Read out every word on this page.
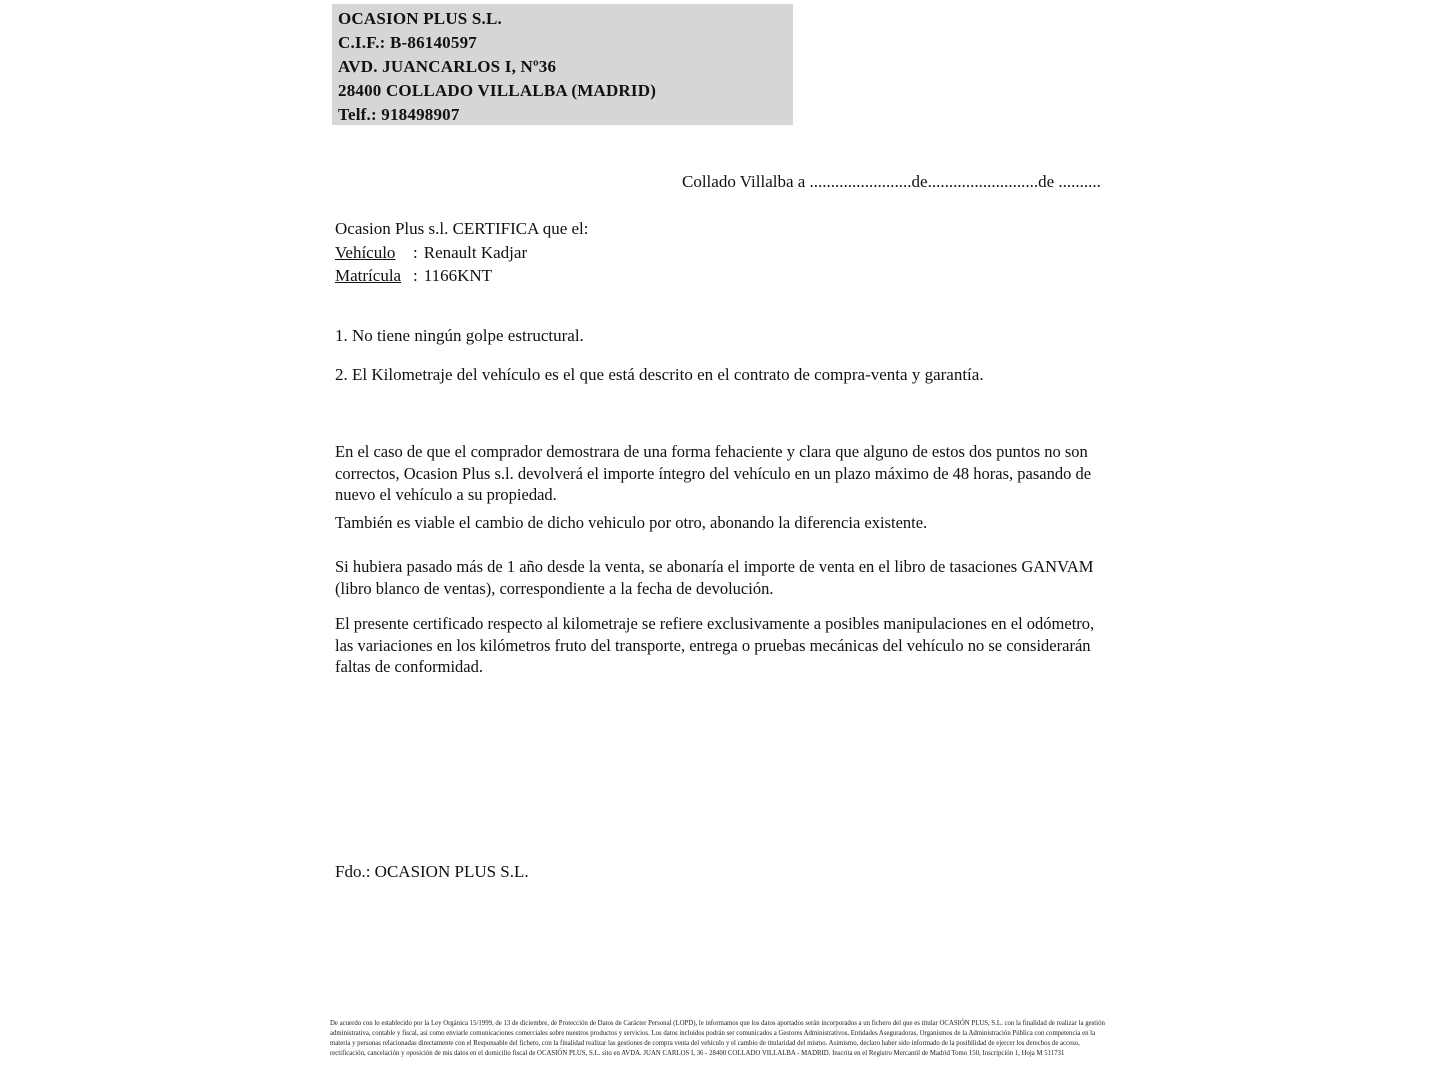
OCASION PLUS S.L.
C.I.F.: B-86140597
AVD. JUANCARLOS I, Nº36
28400 COLLADO VILLALBA (MADRID)
Telf.: 918498907
Collado Villalba a ........................de..........................de ..........
Ocasion Plus s.l. CERTIFICA que el:
Vehículo : Renault Kadjar
Matrícula : 1166KNT
1. No tiene ningún golpe estructural.
2. El Kilometraje del vehículo es el que está descrito en el contrato de compra-venta y garantía.
En el caso de que el comprador demostrara de una forma fehaciente y clara que alguno de estos dos puntos no son correctos, Ocasion Plus s.l. devolverá el importe íntegro del vehículo en un plazo máximo de 48 horas, pasando de nuevo el vehículo a su propiedad.
También es viable el cambio de dicho vehiculo por otro, abonando la diferencia existente.
Si hubiera pasado más de 1 año desde la venta, se abonaría el importe de venta en el libro de tasaciones GANVAM (libro blanco de ventas), correspondiente a la fecha de devolución.
El presente certificado respecto al kilometraje se refiere exclusivamente a posibles manipulaciones en el odómetro, las variaciones en los kilómetros fruto del transporte, entrega o pruebas mecánicas del vehículo no se considerarán faltas de conformidad.
Fdo.: OCASION PLUS S.L.
De acuerdo con lo establecido por la Ley Orgánica 15/1999, de 13 de diciembre, de Protección de Datos de Carácter Personal (LOPD), le informamos que los datos aportados serán incorporados a un fichero del que es titular OCASIÓN PLUS, S.L. con la finalidad de realizar la gestión administrativa, contable y fiscal, así como enviarle comunicaciones comerciales sobre nuestros productos y servicios. Los datos incluidos podrán ser comunicados a Gestores Administrativos, Entidades Aseguradoras, Organismos de la Administración Pública con competencia en la materia y personas relacionadas directamente con el Responsable del fichero, con la finalidad realizar las gestiones de compra venta del vehículo y el cambio de titularidad del mismo. Asimismo, declaro haber sido informado de la posibilidad de ejercer los derechos de acceso, rectificación, cancelación y oposición de mis datos en el domicilio fiscal de OCASIÓN PLUS, S.L. sito en AVDA. JUAN CARLOS I, 36 - 28400 COLLADO VILLALBA - MADRID. Inscrita en el Registro Mercantil de Madrid Tomo 150, Inscripción 1, Hoja M 511731
